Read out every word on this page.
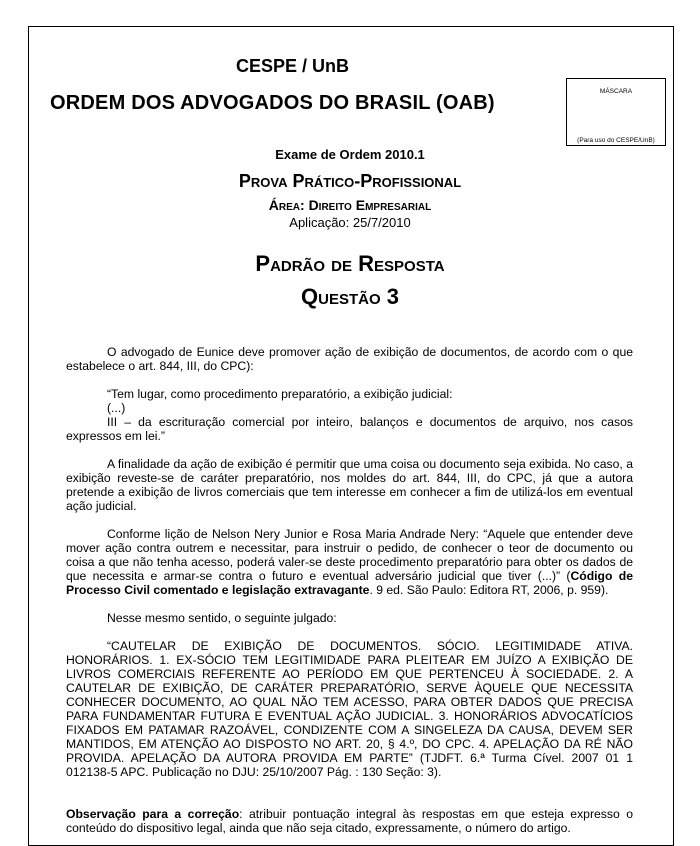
CESPE / UnB
ORDEM DOS ADVOGADOS DO BRASIL (OAB)
MÁSCARA
(Para uso do CESPE/UnB)
Exame de Ordem 2010.1
Prova Prático-Profissional
Área: Direito Empresarial
Aplicação: 25/7/2010
Padrão de Resposta
Questão 3

O advogado de Eunice deve promover ação de exibição de documentos, de acordo com o que estabelece o art. 844, III, do CPC):

“Tem lugar, como procedimento preparatório, a exibição judicial:

(...)

III – da escrituração comercial por inteiro, balanços e documentos de arquivo, nos casos expressos em lei.”

A finalidade da ação de exibição é permitir que uma coisa ou documento seja exibida. No caso, a exibição reveste-se de caráter preparatório, nos moldes do art. 844, III, do CPC, já que a autora pretende a exibição de livros comerciais que tem interesse em conhecer a fim de utilizá-los em eventual ação judicial.

Conforme lição de Nelson Nery Junior e Rosa Maria Andrade Nery: “Aquele que entender deve mover ação contra outrem e necessitar, para instruir o pedido, de conhecer o teor de documento ou coisa a que não tenha acesso, poderá valer-se deste procedimento preparatório para obter os dados de que necessita e armar-se contra o futuro e eventual adversário judicial que tiver (...)” (Código de Processo Civil comentado e legislação extravagante. 9 ed. São Paulo: Editora RT, 2006, p. 959).

Nesse mesmo sentido, o seguinte julgado:

“CAUTELAR DE EXIBIÇÃO DE DOCUMENTOS. SÓCIO. LEGITIMIDADE ATIVA. HONORÁRIOS. 1. EX-SÓCIO TEM LEGITIMIDADE PARA PLEITEAR EM JUÍZO A EXIBIÇÃO DE LIVROS COMERCIAIS REFERENTE AO PERÍODO EM QUE PERTENCEU À SOCIEDADE. 2. A CAUTELAR DE EXIBIÇÃO, DE CARÁTER PREPARATÓRIO, SERVE ÀQUELE QUE NECESSITA CONHECER DOCUMENTO, AO QUAL NÃO TEM ACESSO, PARA OBTER DADOS QUE PRECISA PARA FUNDAMENTAR FUTURA E EVENTUAL AÇÃO JUDICIAL. 3. HONORÁRIOS ADVOCATÍCIOS FIXADOS EM PATAMAR RAZOÁVEL, CONDIZENTE COM A SINGELEZA DA CAUSA, DEVEM SER MANTIDOS, EM ATENÇÃO AO DISPOSTO NO ART. 20, § 4.º, DO CPC. 4. APELAÇÃO DA RÉ NÃO PROVIDA. APELAÇÃO DA AUTORA PROVIDA EM PARTE” (TJDFT. 6.ª Turma Cível. 2007 01 1 012138-5 APC. Publicação no DJU: 25/10/2007 Pág. : 130 Seção: 3).

Observação para a correção: atribuir pontuação integral às respostas em que esteja expresso o conteúdo do dispositivo legal, ainda que não seja citado, expressamente, o número do artigo.
